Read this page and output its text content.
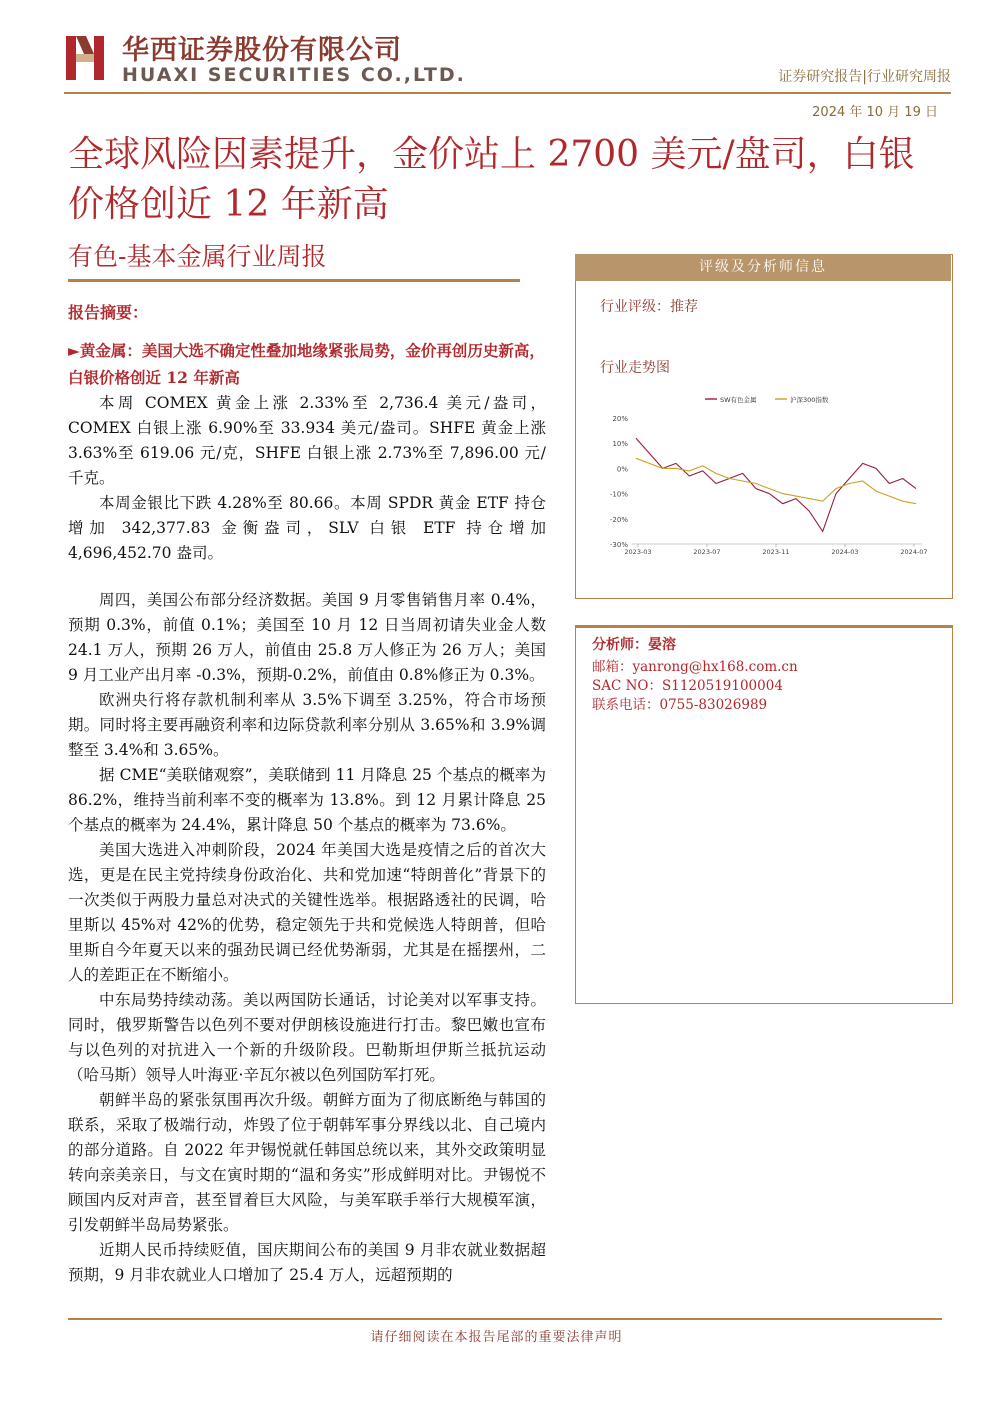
华西证券股份有限公司
HUAXI SECURITIES CO.,LTD.	证券研究报告|行业研究周报
2024 年 10 月 19 日
全球风险因素提升，金价站上 2700 美元/盘司，白银价格创近 12 年新高
有色-基本金属行业周报
报告摘要：
►黄金属：美国大选不确定性叠加地缘紧张局势，金价再创历史新高，白银价格创近 12 年新高

本周 COMEX 黄金上涨 2.33%至 2,736.4 美元/盎司，COMEX 白银上涨 6.90%至 33.934 美元/盎司。SHFE 黄金上涨 3.63%至 619.06 元/克，SHFE 白银上涨 2.73%至 7,896.00 元/千克。

本周金银比下跌 4.28%至 80.66。本周 SPDR 黄金 ETF 持仓增加 342,377.83 金衡盎司，SLV 白银 ETF 持仓增加 4,696,452.70 盎司。

周四，美国公布部分经济数据。美国 9 月零售销售月率 0.4%，预期 0.3%，前值 0.1%；美国至 10 月 12 日当周初请失业金人数 24.1 万人，预期 26 万人，前值由 25.8 万人修正为 26 万人；美国 9 月工业产出月率 -0.3%，预期-0.2%，前值由 0.8%修正为 0.3%。

欧洲央行将存款机制利率从 3.5%下调至 3.25%，符合市场预期。同时将主要再融资利率和边际贷款利率分别从 3.65%和 3.9%调整至 3.4%和 3.65%。

据 CME“美联储观察”，美联储到 11 月降息 25 个基点的概率为 86.2%，维持当前利率不变的概率为 13.8%。到 12 月累计降息 25 个基点的概率为 24.4%，累计降息 50 个基点的概率为 73.6%。

美国大选进入冲刺阶段，2024 年美国大选是疫情之后的首次大选，更是在民主党持续身份政治化、共和党加速“特朗普化”背景下的一次类似于两股力量总对决式的关键性选举。根据路透社的民调，哈里斯以 45%对 42%的优势，稳定领先于共和党候选人特朗普，但哈里斯自今年夏天以来的强劲民调已经优势渐弱，尤其是在摇摆州，二人的差距正在不断缩小。

中东局势持续动荡。美以两国防长通话，讨论美对以军事支持。同时，俄罗斯警告以色列不要对伊朗核设施进行打击。黎巴嫩也宣布与以色列的对抗进入一个新的升级阶段。巴勒斯坦伊斯兰抵抗运动（哈马斯）领导人叶海亚·辛瓦尔被以色列国防军打死。

朝鲜半岛的紧张氛围再次升级。朝鲜方面为了彻底断绝与韩国的联系，采取了极端行动，炸毁了位于朝韩军事分界线以北、自己境内的部分道路。自 2022 年尹锡悦就任韩国总统以来，其外交政策明显转向亲美亲日，与文在寅时期的“温和务实”形成鲜明对比。尹锡悦不顾国内反对声音，甚至冒着巨大风险，与美军联手举行大规模军演，引发朝鲜半岛局势紧张。

近期人民币持续贬值，国庆期间公布的美国 9 月非农就业数据超预期，9 月非农就业人口增加了 25.4 万人，远超预期的

评级及分析师信息
行业评级：推荐
行业走势图
SW有色金属	沪深300指数
20%
10%
0%
-10%
-20%
-30%
2023-03	2023-07	2023-11	2024-03	2024-07
分析师：晏溶
邮箱：yanrong@hx168.com.cn
SAC NO：S1120519100004
联系电话：0755-83026989
请仔细阅读在本报告尾部的重要法律声明
